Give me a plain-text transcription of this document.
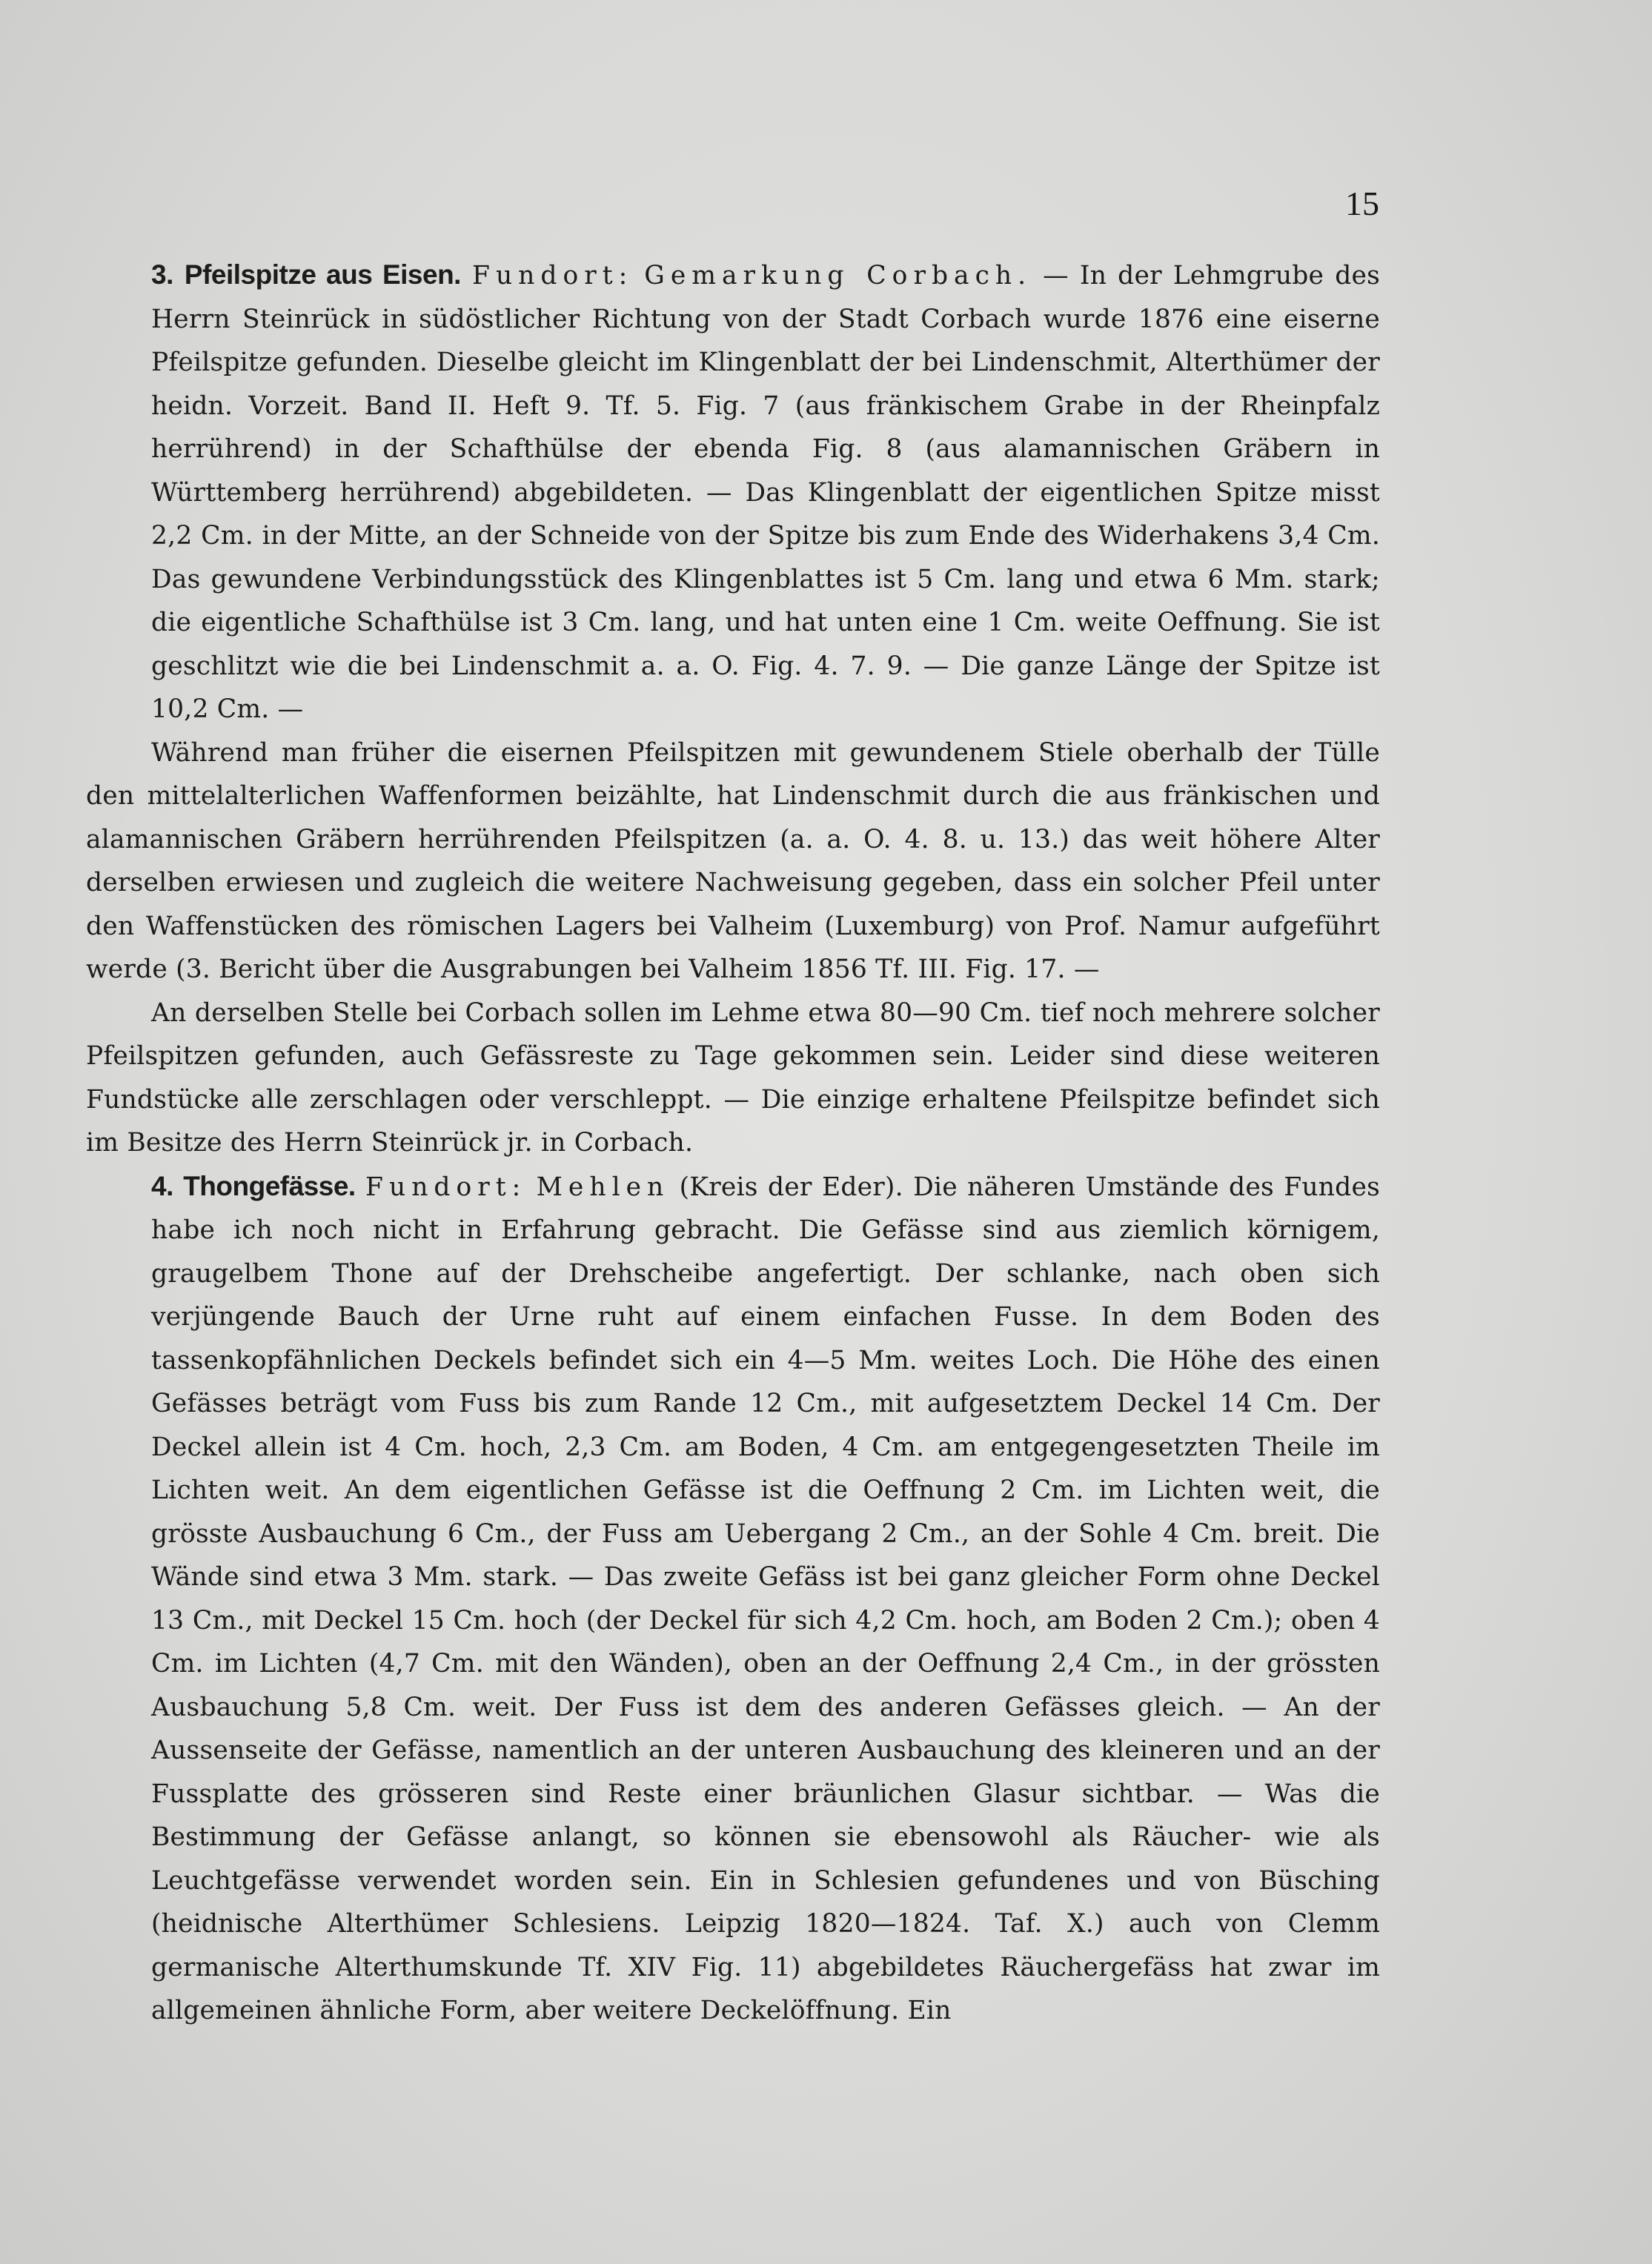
15

3. Pfeilspitze aus Eisen. Fundort: Gemarkung Corbach. — In der Lehmgrube des Herrn Steinrück in südöstlicher Richtung von der Stadt Corbach wurde 1876 eine eiserne Pfeilspitze gefunden. Dieselbe gleicht im Klingenblatt der bei Lindenschmit, Alterthümer der heidn. Vorzeit. Band II. Heft 9. Tf. 5. Fig. 7 (aus fränkischem Grabe in der Rheinpfalz herrührend) in der Schafthülse der ebenda Fig. 8 (aus alamannischen Gräbern in Württemberg herrührend) abgebildeten. — Das Klingenblatt der eigentlichen Spitze misst 2,2 Cm. in der Mitte, an der Schneide von der Spitze bis zum Ende des Widerhakens 3,4 Cm. Das gewundene Verbindungsstück des Klingenblattes ist 5 Cm. lang und etwa 6 Mm. stark; die eigentliche Schafthülse ist 3 Cm. lang, und hat unten eine 1 Cm. weite Oeffnung. Sie ist geschlitzt wie die bei Lindenschmit a. a. O. Fig. 4. 7. 9. — Die ganze Länge der Spitze ist 10,2 Cm. —

Während man früher die eisernen Pfeilspitzen mit gewundenem Stiele oberhalb der Tülle den mittelalterlichen Waffenformen beizählte, hat Lindenschmit durch die aus fränkischen und alamannischen Gräbern herrührenden Pfeilspitzen (a. a. O. 4. 8. u. 13.) das weit höhere Alter derselben erwiesen und zugleich die weitere Nachweisung gegeben, dass ein solcher Pfeil unter den Waffenstücken des römischen Lagers bei Valheim (Luxemburg) von Prof. Namur aufgeführt werde (3. Bericht über die Ausgrabungen bei Valheim 1856 Tf. III. Fig. 17. —

An derselben Stelle bei Corbach sollen im Lehme etwa 80—90 Cm. tief noch mehrere solcher Pfeilspitzen gefunden, auch Gefässreste zu Tage gekommen sein. Leider sind diese weiteren Fundstücke alle zerschlagen oder verschleppt. — Die einzige erhaltene Pfeilspitze befindet sich im Besitze des Herrn Steinrück jr. in Corbach.

4. Thongefässe. Fundort: Mehlen (Kreis der Eder). Die näheren Umstände des Fundes habe ich noch nicht in Erfahrung gebracht. Die Gefässe sind aus ziemlich körnigem, graugelbem Thone auf der Drehscheibe angefertigt. Der schlanke, nach oben sich verjüngende Bauch der Urne ruht auf einem einfachen Fusse. In dem Boden des tassenkopfähnlichen Deckels befindet sich ein 4—5 Mm. weites Loch. Die Höhe des einen Gefässes beträgt vom Fuss bis zum Rande 12 Cm., mit aufgesetztem Deckel 14 Cm. Der Deckel allein ist 4 Cm. hoch, 2,3 Cm. am Boden, 4 Cm. am entgegengesetzten Theile im Lichten weit. An dem eigentlichen Gefässe ist die Oeffnung 2 Cm. im Lichten weit, die grösste Ausbauchung 6 Cm., der Fuss am Uebergang 2 Cm., an der Sohle 4 Cm. breit. Die Wände sind etwa 3 Mm. stark. — Das zweite Gefäss ist bei ganz gleicher Form ohne Deckel 13 Cm., mit Deckel 15 Cm. hoch (der Deckel für sich 4,2 Cm. hoch, am Boden 2 Cm.); oben 4 Cm. im Lichten (4,7 Cm. mit den Wänden), oben an der Oeffnung 2,4 Cm., in der grössten Ausbauchung 5,8 Cm. weit. Der Fuss ist dem des anderen Gefässes gleich. — An der Aussenseite der Gefässe, namentlich an der unteren Ausbauchung des kleineren und an der Fussplatte des grösseren sind Reste einer bräunlichen Glasur sichtbar. — Was die Bestimmung der Gefässe anlangt, so können sie ebensowohl als Räucher- wie als Leuchtgefässe verwendet worden sein. Ein in Schlesien gefundenes und von Büsching (heidnische Alterthümer Schlesiens. Leipzig 1820—1824. Taf. X.) auch von Clemm germanische Alterthumskunde Tf. XIV Fig. 11) abgebildetes Räuchergefäss hat zwar im allgemeinen ähnliche Form, aber weitere Deckelöffnung. Ein
